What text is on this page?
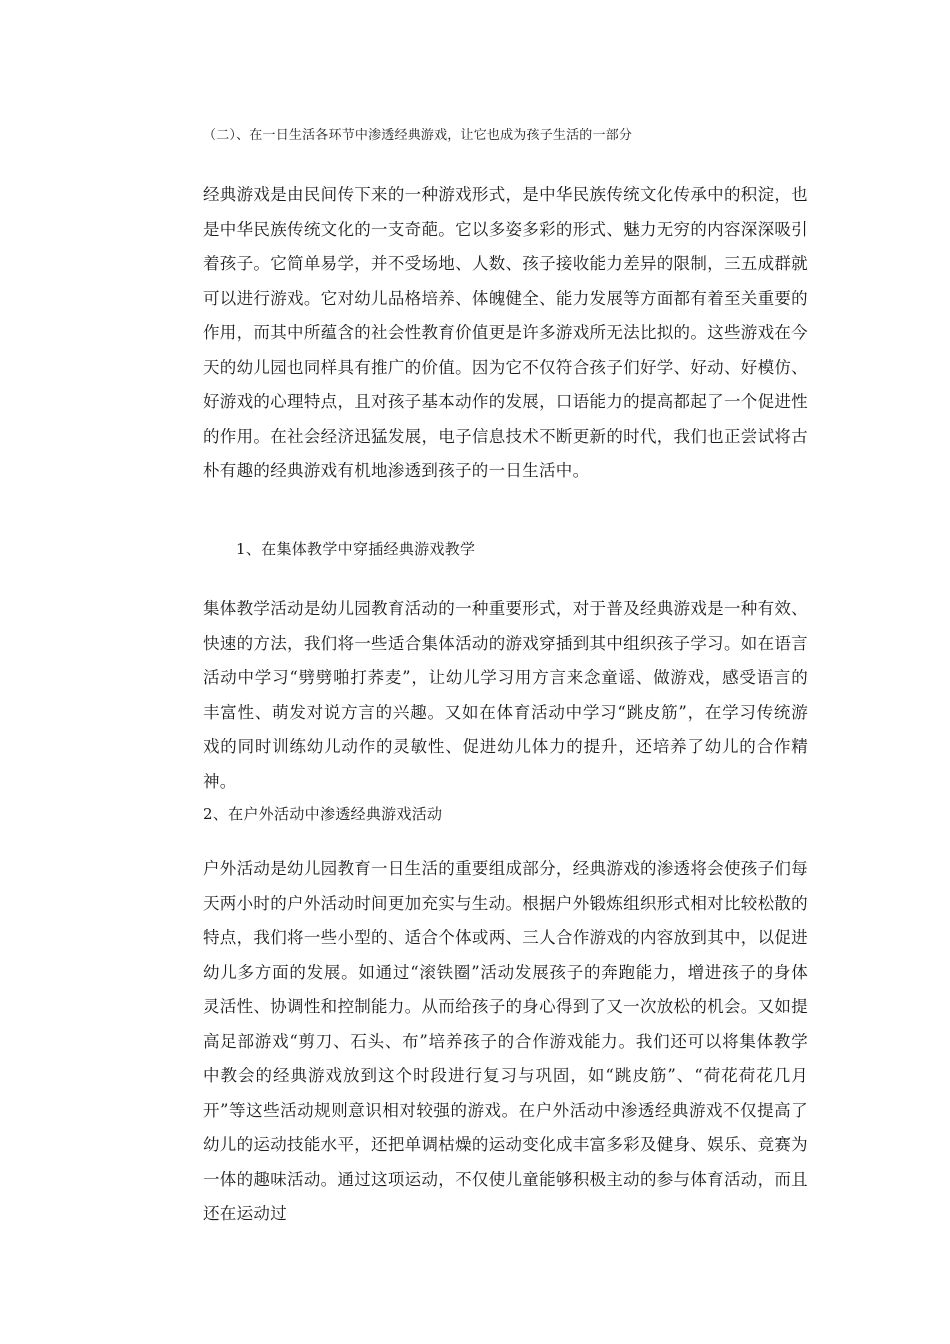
（二）、在一日生活各环节中渗透经典游戏，让它也成为孩子生活的一部分

经典游戏是由民间传下来的一种游戏形式，是中华民族传统文化传承中的积淀，也是中华民族传统文化的一支奇葩。它以多姿多彩的形式、魅力无穷的内容深深吸引着孩子。它简单易学，并不受场地、人数、孩子接收能力差异的限制，三五成群就可以进行游戏。它对幼儿品格培养、体魄健全、能力发展等方面都有着至关重要的作用，而其中所蕴含的社会性教育价值更是许多游戏所无法比拟的。这些游戏在今天的幼儿园也同样具有推广的价值。因为它不仅符合孩子们好学、好动、好模仿、好游戏的心理特点，且对孩子基本动作的发展，口语能力的提高都起了一个促进性的作用。在社会经济迅猛发展，电子信息技术不断更新的时代，我们也正尝试将古朴有趣的经典游戏有机地渗透到孩子的一日生活中。

1、在集体教学中穿插经典游戏教学

集体教学活动是幼儿园教育活动的一种重要形式，对于普及经典游戏是一种有效、快速的方法，我们将一些适合集体活动的游戏穿插到其中组织孩子学习。如在语言活动中学习“劈劈啪打荞麦”，让幼儿学习用方言来念童谣、做游戏，感受语言的丰富性、萌发对说方言的兴趣。又如在体育活动中学习“跳皮筋”，在学习传统游戏的同时训练幼儿动作的灵敏性、促进幼儿体力的提升，还培养了幼儿的合作精神。

2、在户外活动中渗透经典游戏活动

户外活动是幼儿园教育一日生活的重要组成部分，经典游戏的渗透将会使孩子们每天两小时的户外活动时间更加充实与生动。根据户外锻炼组织形式相对比较松散的特点，我们将一些小型的、适合个体或两、三人合作游戏的内容放到其中，以促进幼儿多方面的发展。如通过“滚铁圈”活动发展孩子的奔跑能力，增进孩子的身体灵活性、协调性和控制能力。从而给孩子的身心得到了又一次放松的机会。又如提高足部游戏“剪刀、石头、布”培养孩子的合作游戏能力。我们还可以将集体教学中教会的经典游戏放到这个时段进行复习与巩固，如“跳皮筋”、“荷花荷花几月开”等这些活动规则意识相对较强的游戏。在户外活动中渗透经典游戏不仅提高了幼儿的运动技能水平，还把单调枯燥的运动变化成丰富多彩及健身、娱乐、竞赛为一体的趣味活动。通过这项运动，不仅使儿童能够积极主动的参与体育活动，而且还在运动过
